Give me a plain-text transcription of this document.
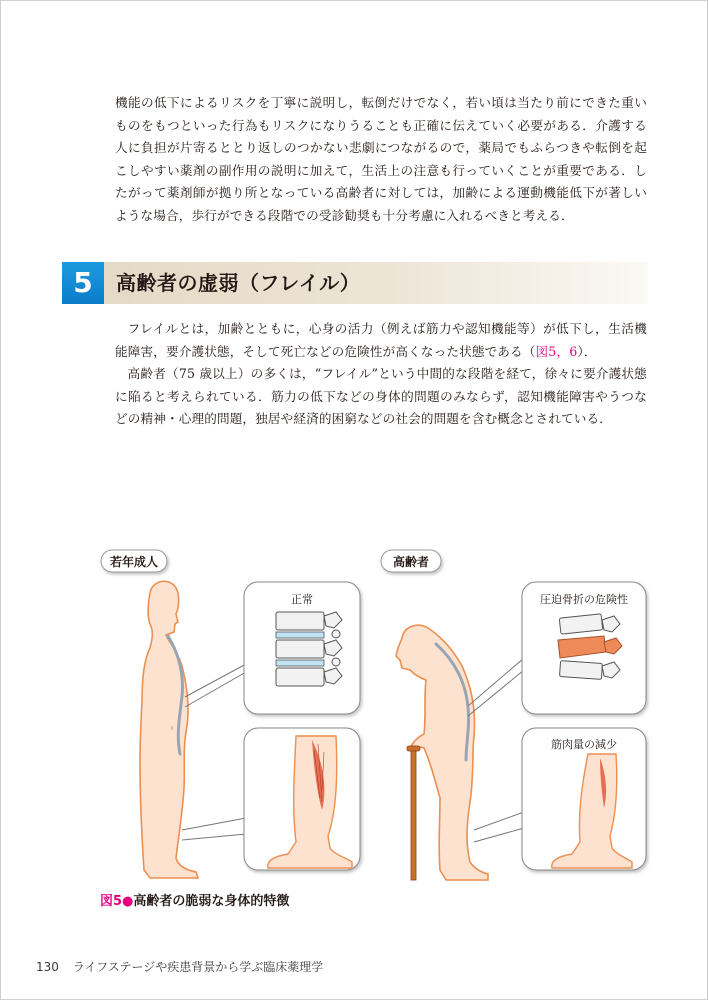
機能の低下によるリスクを丁寧に説明し，転倒だけでなく，若い頃は当たり前にできた重いものをもつといった行為もリスクになりうることも正確に伝えていく必要がある．介護する人に負担が片寄るととり返しのつかない悲劇につながるので，薬局でもふらつきや転倒を起こしやすい薬剤の副作用の説明に加えて，生活上の注意も行っていくことが重要である．したがって薬剤師が拠り所となっている高齢者に対しては，加齢による運動機能低下が著しいような場合，歩行ができる段階での受診勧奨も十分考慮に入れるべきと考える．
5	高齢者の虚弱（フレイル）

フレイルとは，加齢とともに，心身の活力（例えば筋力や認知機能等）が低下し，生活機能障害，要介護状態，そして死亡などの危険性が高くなった状態である（図5，6）．

高齢者（75 歳以上）の多くは，“フレイル”という中間的な段階を経て，徐々に要介護状態に陥ると考えられている．筋力の低下などの身体的問題のみならず，認知機能障害やうつなどの精神・心理的問題，独居や経済的困窮などの社会的問題を含む概念とされている．

若年成人
正常
高齢者
圧迫骨折の危険性
筋肉量の減少
図5●高齢者の脆弱な身体的特徴
130 ライフステージや疾患背景から学ぶ臨床薬理学
